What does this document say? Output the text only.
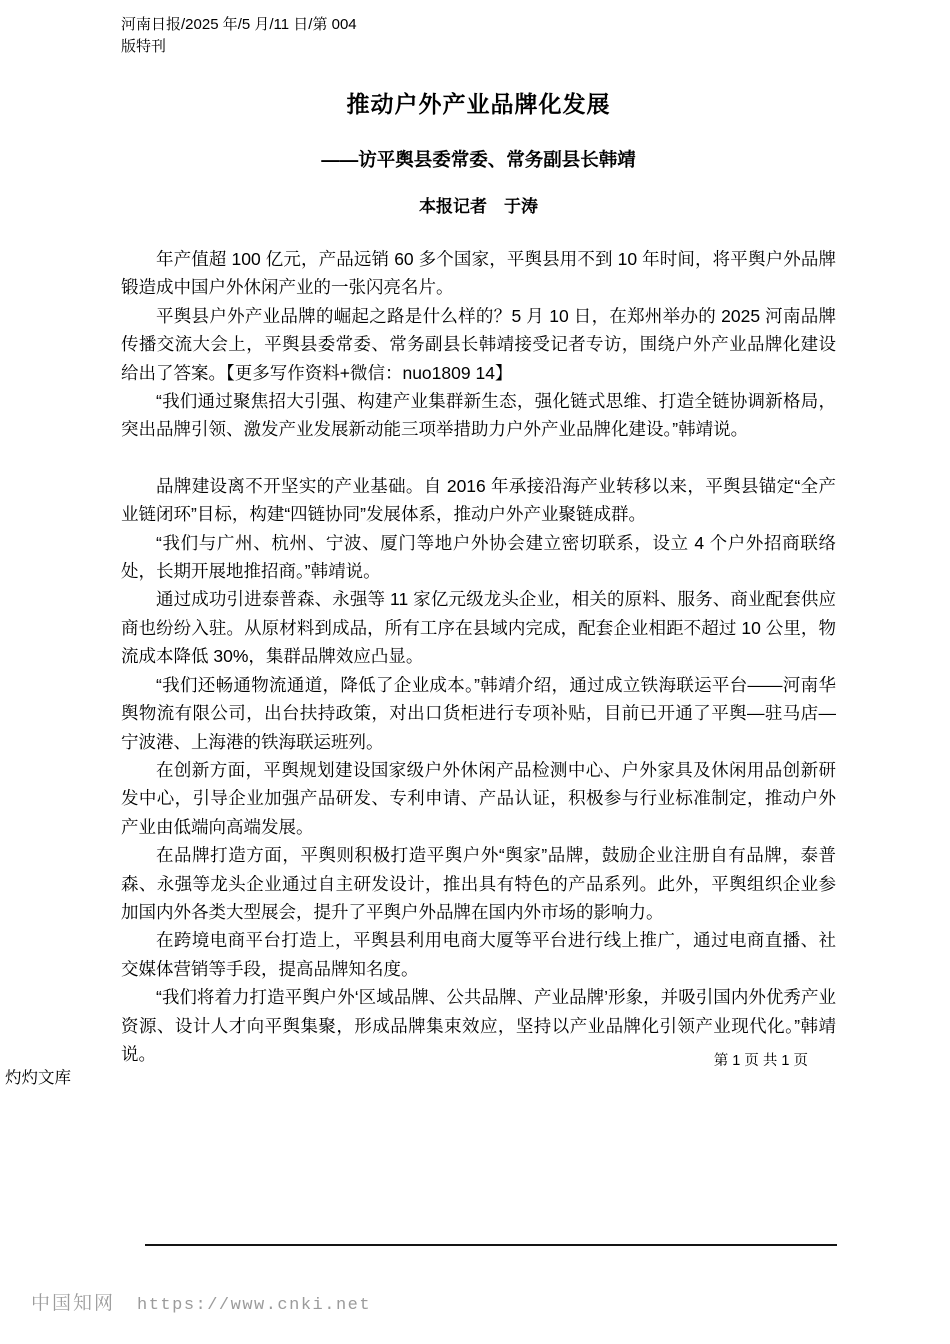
河南日报/2025 年/5 月/11 日/第 004
版特刊
推动户外产业品牌化发展
——访平舆县委常委、常务副县长韩靖
本报记者　于涛

年产值超 100 亿元，产品远销 60 多个国家，平舆县用不到 10 年时间，将平舆户外品牌锻造成中国户外休闲产业的一张闪亮名片。

平舆县户外产业品牌的崛起之路是什么样的？5 月 10 日，在郑州举办的 2025 河南品牌传播交流大会上，平舆县委常委、常务副县长韩靖接受记者专访，围绕户外产业品牌化建设给出了答案。【更多写作资料+微信：nuo1809 14】

“我们通过聚焦招大引强、构建产业集群新生态，强化链式思维、打造全链协调新格局，突出品牌引领、激发产业发展新动能三项举措助力户外产业品牌化建设。”韩靖说。

品牌建设离不开坚实的产业基础。自 2016 年承接沿海产业转移以来，平舆县锚定“全产业链闭环”目标，构建“四链协同”发展体系，推动户外产业聚链成群。

“我们与广州、杭州、宁波、厦门等地户外协会建立密切联系，设立 4 个户外招商联络处，长期开展地推招商。”韩靖说。

通过成功引进泰普森、永强等 11 家亿元级龙头企业，相关的原料、服务、商业配套供应商也纷纷入驻。从原材料到成品，所有工序在县域内完成，配套企业相距不超过 10 公里，物流成本降低 30%，集群品牌效应凸显。

“我们还畅通物流通道，降低了企业成本。”韩靖介绍，通过成立铁海联运平台——河南华舆物流有限公司，出台扶持政策，对出口货柜进行专项补贴，目前已开通了平舆—驻马店—宁波港、上海港的铁海联运班列。

在创新方面，平舆规划建设国家级户外休闲产品检测中心、户外家具及休闲用品创新研发中心，引导企业加强产品研发、专利申请、产品认证，积极参与行业标准制定，推动户外产业由低端向高端发展。

在品牌打造方面，平舆则积极打造平舆户外“舆家”品牌，鼓励企业注册自有品牌，泰普森、永强等龙头企业通过自主研发设计，推出具有特色的产品系列。此外，平舆组织企业参加国内外各类大型展会，提升了平舆户外品牌在国内外市场的影响力。

在跨境电商平台打造上，平舆县利用电商大厦等平台进行线上推广，通过电商直播、社交媒体营销等手段，提高品牌知名度。

“我们将着力打造平舆户外‘区域品牌、公共品牌、产业品牌’形象，并吸引国内外优秀产业资源、设计人才向平舆集聚，形成品牌集束效应，坚持以产业品牌化引领产业现代化。”韩靖说。	第 1 页 共 1 页
灼灼文库
中国知网 https://www.cnki.net
